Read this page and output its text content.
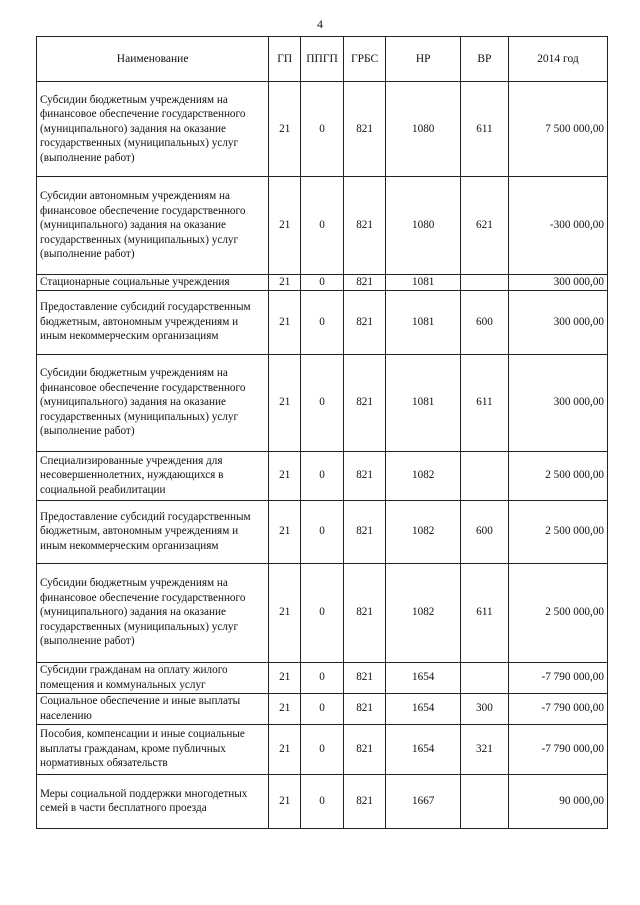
4
Наименование	ГП	ППГП	ГРБС	НР	ВР	2014 год
Субсидии бюджетным учреждениям на финансовое обеспечение государственного (муниципального) задания на оказание государственных (муниципальных) услуг (выполнение работ)	21	0	821	1080	611	7 500 000,00
Субсидии автономным учреждениям на финансовое обеспечение государственного (муниципального) задания на оказание государственных (муниципальных) услуг (выполнение работ)	21	0	821	1080	621	-300 000,00
Стационарные социальные учреждения	21	0	821	1081		300 000,00
Предоставление субсидий государственным бюджетным, автономным учреждениям и иным некоммерческим организациям	21	0	821	1081	600	300 000,00
Субсидии бюджетным учреждениям на финансовое обеспечение государственного (муниципального) задания на оказание государственных (муниципальных) услуг (выполнение работ)	21	0	821	1081	611	300 000,00
Специализированные учреждения для несовершеннолетних, нуждающихся в социальной реабилитации	21	0	821	1082		2 500 000,00
Предоставление субсидий государственным бюджетным, автономным учреждениям и иным некоммерческим организациям	21	0	821	1082	600	2 500 000,00
Субсидии бюджетным учреждениям на финансовое обеспечение государственного (муниципального) задания на оказание государственных (муниципальных) услуг (выполнение работ)	21	0	821	1082	611	2 500 000,00
Субсидии гражданам на оплату жилого помещения и коммунальных услуг	21	0	821	1654		-7 790 000,00
Социальное обеспечение и иные выплаты населению	21	0	821	1654	300	-7 790 000,00
Пособия, компенсации и иные социальные выплаты гражданам, кроме публичных нормативных обязательств	21	0	821	1654	321	-7 790 000,00
Меры социальной поддержки многодетных семей в части бесплатного проезда	21	0	821	1667		90 000,00
